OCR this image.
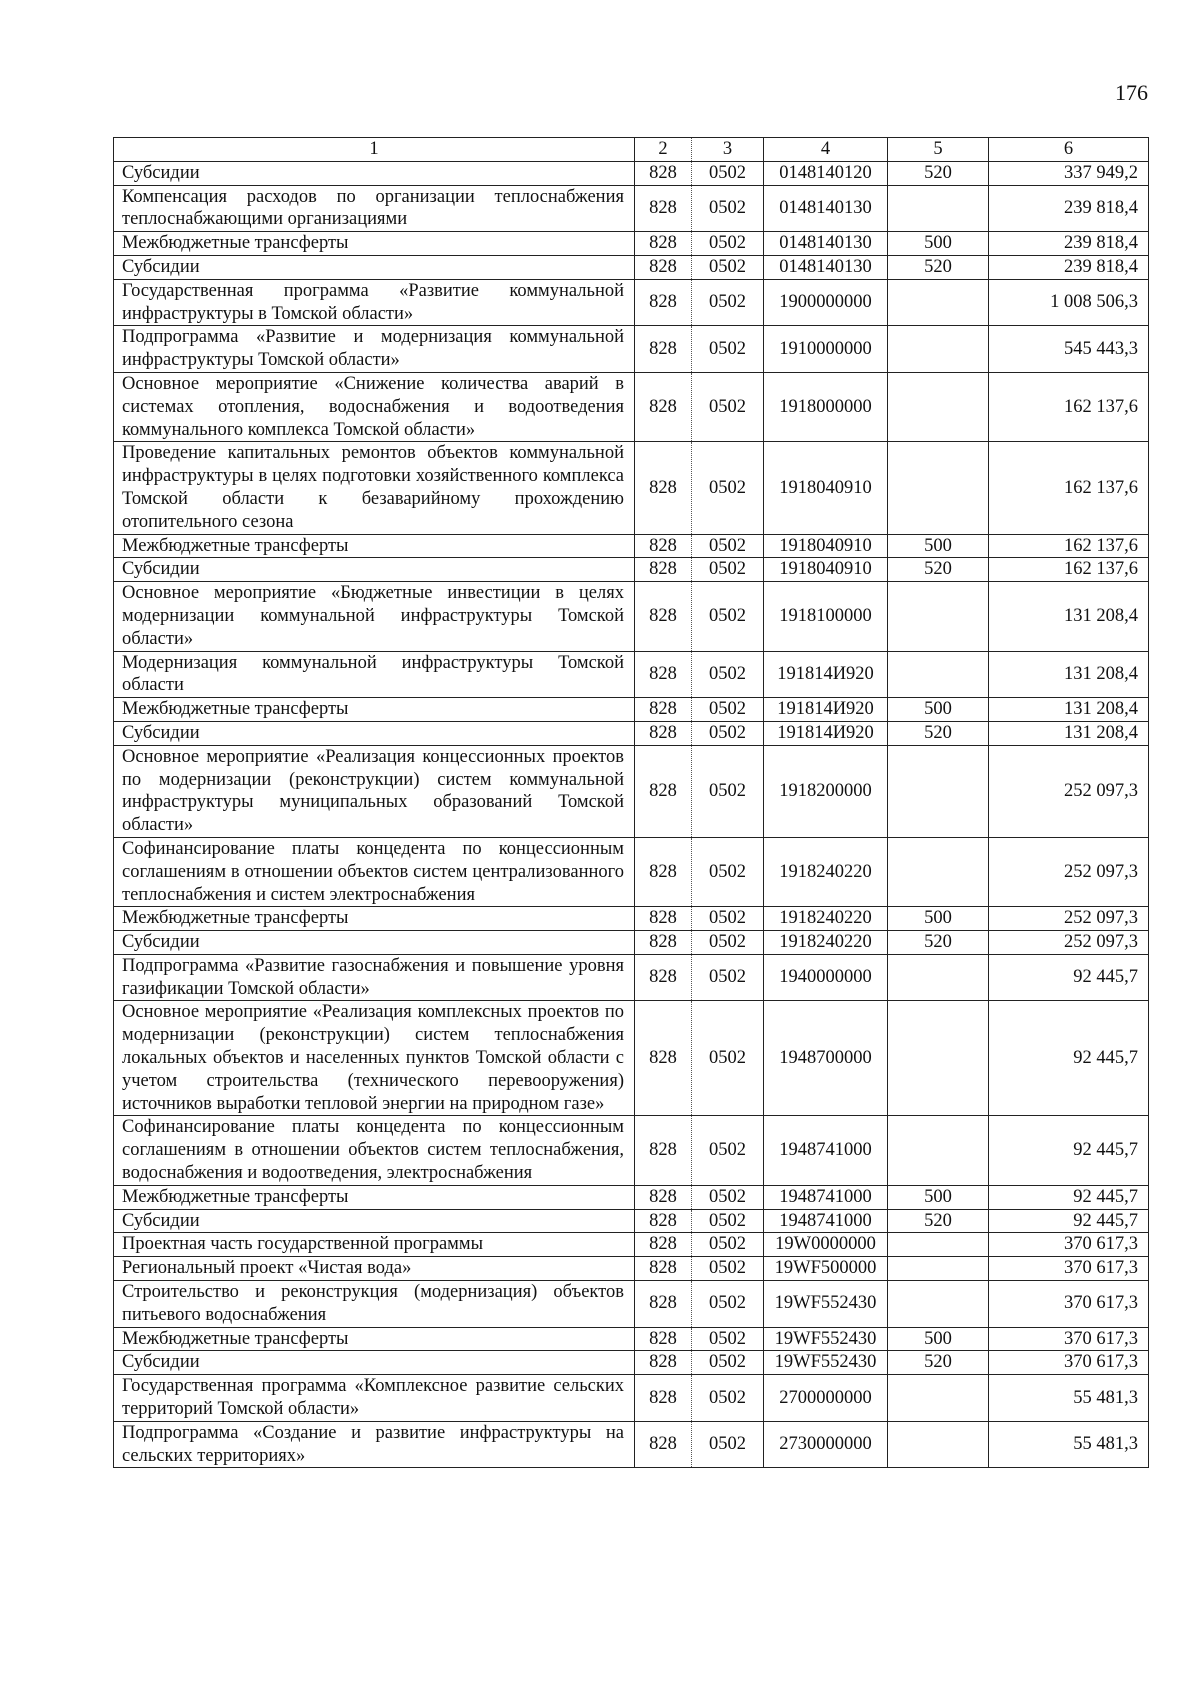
176
1	2	3	4	5	6
Субсидии	828	0502	0148140120	520	337 949,2
Компенсация расходов по организации теплоснабжения теплоснабжающими организациями	828	0502	0148140130		239 818,4
Межбюджетные трансферты	828	0502	0148140130	500	239 818,4
Субсидии	828	0502	0148140130	520	239 818,4
Государственная программа «Развитие коммунальной инфраструктуры в Томской области»	828	0502	1900000000		1 008 506,3
Подпрограмма «Развитие и модернизация коммунальной инфраструктуры Томской области»	828	0502	1910000000		545 443,3
Основное мероприятие «Снижение количества аварий в системах отопления, водоснабжения и водоотведения коммунального комплекса Томской области»	828	0502	1918000000		162 137,6
Проведение капитальных ремонтов объектов коммунальной инфраструктуры в целях подготовки хозяйственного комплекса Томской области к безаварийному прохождению отопительного сезона	828	0502	1918040910		162 137,6
Межбюджетные трансферты	828	0502	1918040910	500	162 137,6
Субсидии	828	0502	1918040910	520	162 137,6
Основное мероприятие «Бюджетные инвестиции в целях модернизации коммунальной инфраструктуры Томской области»	828	0502	1918100000		131 208,4
Модернизация коммунальной инфраструктуры Томской области	828	0502	191814И920		131 208,4
Межбюджетные трансферты	828	0502	191814И920	500	131 208,4
Субсидии	828	0502	191814И920	520	131 208,4
Основное мероприятие «Реализация концессионных проектов по модернизации (реконструкции) систем коммунальной инфраструктуры муниципальных образований Томской области»	828	0502	1918200000		252 097,3
Софинансирование платы концедента по концессионным соглашениям в отношении объектов систем централизованного теплоснабжения и систем электроснабжения	828	0502	1918240220		252 097,3
Межбюджетные трансферты	828	0502	1918240220	500	252 097,3
Субсидии	828	0502	1918240220	520	252 097,3
Подпрограмма «Развитие газоснабжения и повышение уровня газификации Томской области»	828	0502	1940000000		92 445,7
Основное мероприятие «Реализация комплексных проектов по модернизации (реконструкции) систем теплоснабжения локальных объектов и населенных пунктов Томской области с учетом строительства (технического перевооружения) источников выработки тепловой энергии на природном газе»	828	0502	1948700000		92 445,7
Софинансирование платы концедента по концессионным соглашениям в отношении объектов систем теплоснабжения, водоснабжения и водоотведения, электроснабжения	828	0502	1948741000		92 445,7
Межбюджетные трансферты	828	0502	1948741000	500	92 445,7
Субсидии	828	0502	1948741000	520	92 445,7
Проектная часть государственной программы	828	0502	19W0000000		370 617,3
Региональный проект «Чистая вода»	828	0502	19WF500000		370 617,3
Строительство и реконструкция (модернизация) объектов питьевого водоснабжения	828	0502	19WF552430		370 617,3
Межбюджетные трансферты	828	0502	19WF552430	500	370 617,3
Субсидии	828	0502	19WF552430	520	370 617,3
Государственная программа «Комплексное развитие сельских территорий Томской области»	828	0502	2700000000		55 481,3
Подпрограмма «Создание и развитие инфраструктуры на сельских территориях»	828	0502	2730000000		55 481,3
